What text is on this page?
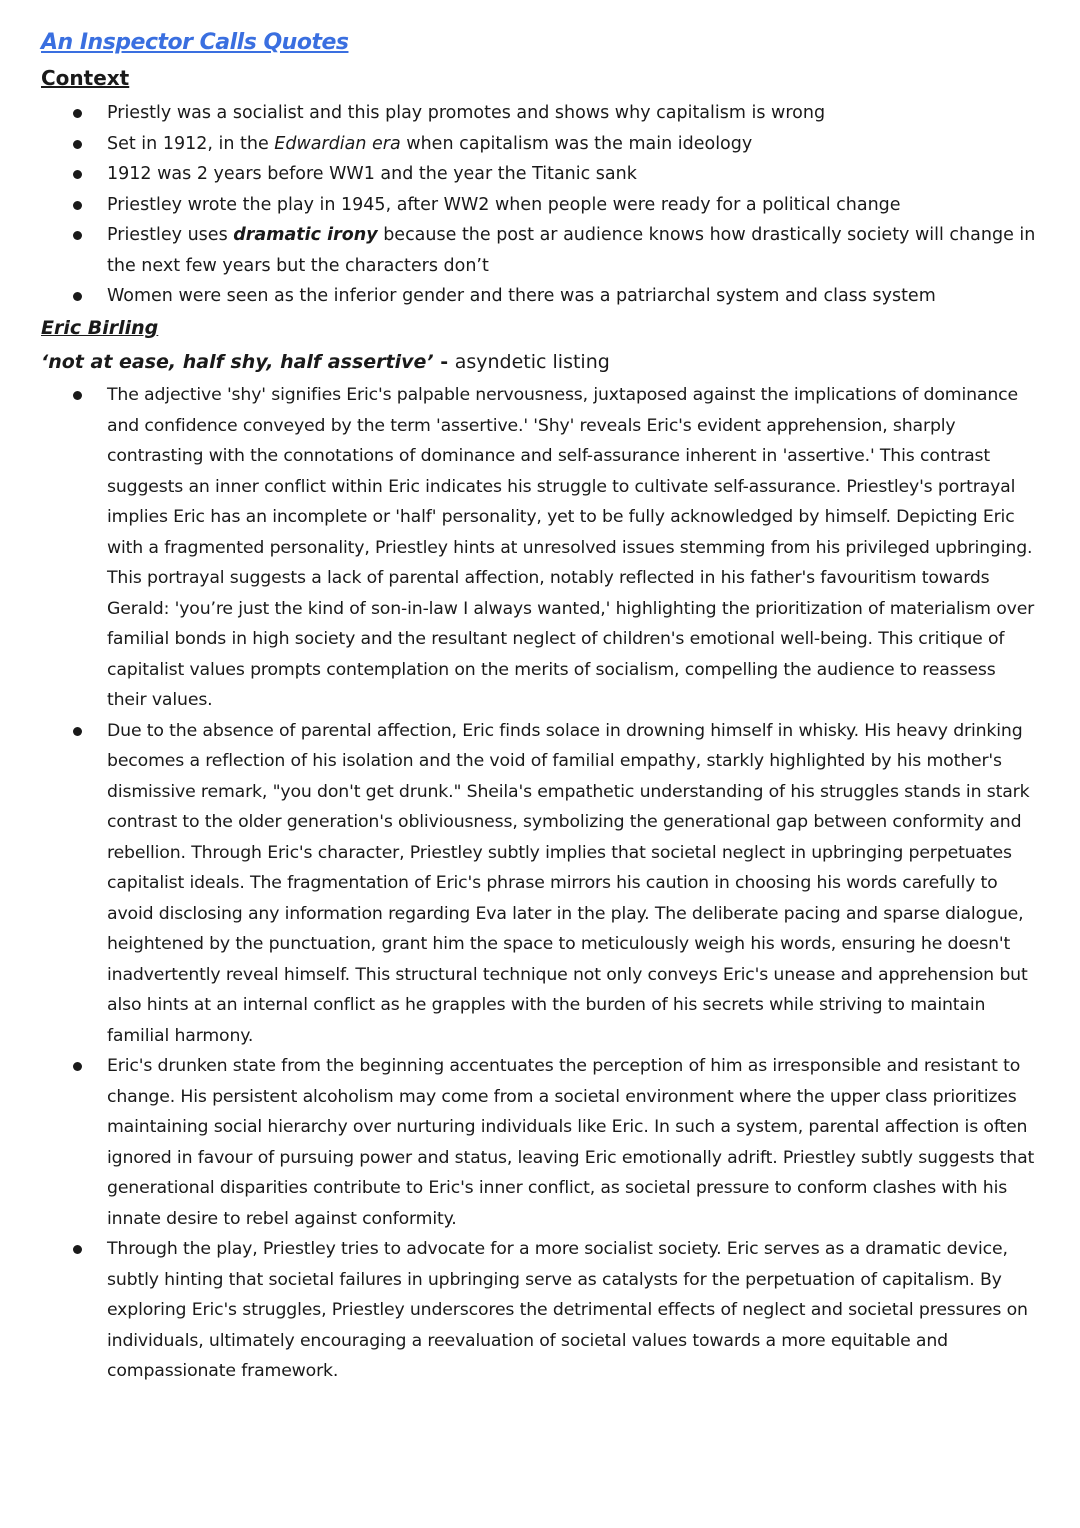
An Inspector Calls Quotes
Context
Priestly was a socialist and this play promotes and shows why capitalism is wrong
Set in 1912, in the Edwardian era when capitalism was the main ideology
1912 was 2 years before WW1 and the year the Titanic sank
Priestley wrote the play in 1945, after WW2 when people were ready for a political change
Priestley uses dramatic irony because the post ar audience knows how drastically society will change in the next few years but the characters don’t
Women were seen as the inferior gender and there was a patriarchal system and class system
Eric Birling

‘not at ease, half shy, half assertive’ - asyndetic listing

The adjective 'shy' signifies Eric's palpable nervousness, juxtaposed against the implications of dominance and confidence conveyed by the term 'assertive.' 'Shy' reveals Eric's evident apprehension, sharply contrasting with the connotations of dominance and self-assurance inherent in 'assertive.' This contrast suggests an inner conflict within Eric indicates his struggle to cultivate self-assurance. Priestley's portrayal implies Eric has an incomplete or 'half' personality, yet to be fully acknowledged by himself. Depicting Eric with a fragmented personality, Priestley hints at unresolved issues stemming from his privileged upbringing. This portrayal suggests a lack of parental affection, notably reflected in his father's favouritism towards Gerald: 'you’re just the kind of son-in-law I always wanted,' highlighting the prioritization of materialism over familial bonds in high society and the resultant neglect of children's emotional well-being. This critique of capitalist values prompts contemplation on the merits of socialism, compelling the audience to reassess their values.
Due to the absence of parental affection, Eric finds solace in drowning himself in whisky. His heavy drinking becomes a reflection of his isolation and the void of familial empathy, starkly highlighted by his mother's dismissive remark, "you don't get drunk." Sheila's empathetic understanding of his struggles stands in stark contrast to the older generation's obliviousness, symbolizing the generational gap between conformity and rebellion. Through Eric's character, Priestley subtly implies that societal neglect in upbringing perpetuates capitalist ideals. The fragmentation of Eric's phrase mirrors his caution in choosing his words carefully to avoid disclosing any information regarding Eva later in the play. The deliberate pacing and sparse dialogue, heightened by the punctuation, grant him the space to meticulously weigh his words, ensuring he doesn't inadvertently reveal himself. This structural technique not only conveys Eric's unease and apprehension but also hints at an internal conflict as he grapples with the burden of his secrets while striving to maintain familial harmony.
Eric's drunken state from the beginning accentuates the perception of him as irresponsible and resistant to change. His persistent alcoholism may come from a societal environment where the upper class prioritizes maintaining social hierarchy over nurturing individuals like Eric. In such a system, parental affection is often ignored in favour of pursuing power and status, leaving Eric emotionally adrift. Priestley subtly suggests that generational disparities contribute to Eric's inner conflict, as societal pressure to conform clashes with his innate desire to rebel against conformity.
Through the play, Priestley tries to advocate for a more socialist society. Eric serves as a dramatic device, subtly hinting that societal failures in upbringing serve as catalysts for the perpetuation of capitalism. By exploring Eric's struggles, Priestley underscores the detrimental effects of neglect and societal pressures on individuals, ultimately encouraging a reevaluation of societal values towards a more equitable and compassionate framework.
